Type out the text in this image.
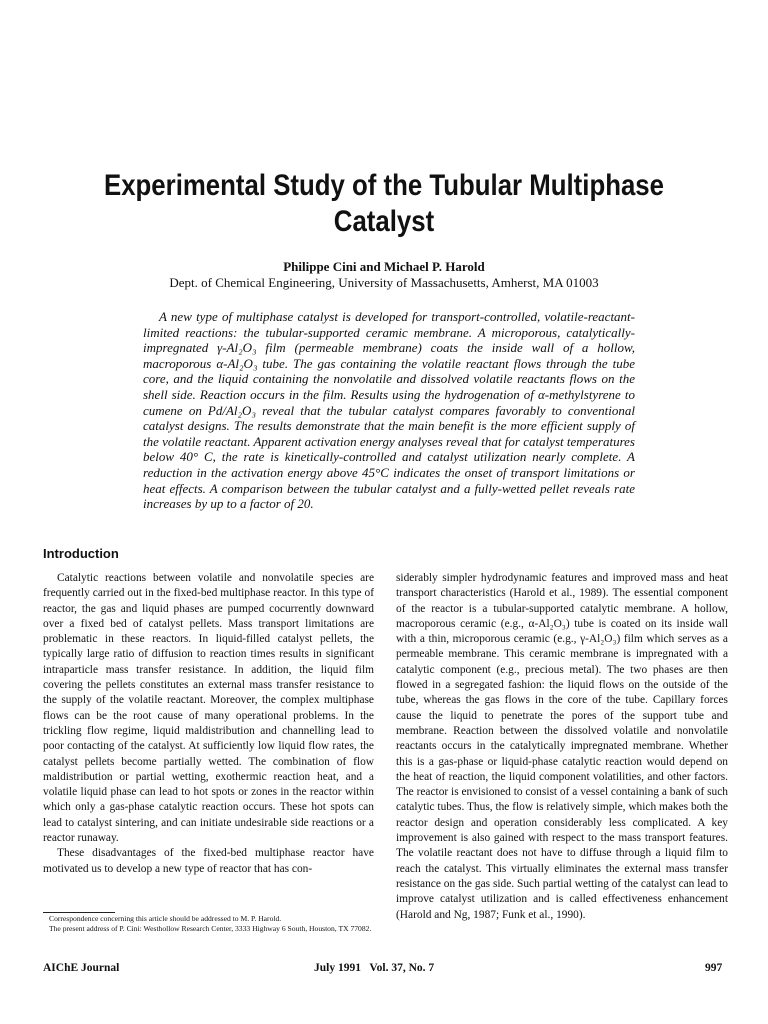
Experimental Study of the Tubular Multiphase Catalyst
Philippe Cini and Michael P. Harold
Dept. of Chemical Engineering, University of Massachusetts, Amherst, MA 01003
A new type of multiphase catalyst is developed for transport-controlled, volatile-reactant-limited reactions: the tubular-supported ceramic membrane. A microporous, catalytically-impregnated γ-Al₂O₃ film (permeable membrane) coats the inside wall of a hollow, macroporous α-Al₂O₃ tube. The gas containing the volatile reactant flows through the tube core, and the liquid containing the nonvolatile and dissolved volatile reactants flows on the shell side. Reaction occurs in the film. Results using the hydrogenation of α-methylstyrene to cumene on Pd/Al₂O₃ reveal that the tubular catalyst compares favorably to conventional catalyst designs. The results demonstrate that the main benefit is the more efficient supply of the volatile reactant. Apparent activation energy analyses reveal that for catalyst temperatures below 40° C, the rate is kinetically-controlled and catalyst utilization nearly complete. A reduction in the activation energy above 45°C indicates the onset of transport limitations or heat effects. A comparison between the tubular catalyst and a fully-wetted pellet reveals rate increases by up to a factor of 20.
Introduction

Catalytic reactions between volatile and nonvolatile species are frequently carried out in the fixed-bed multiphase reactor. In this type of reactor, the gas and liquid phases are pumped cocurrently downward over a fixed bed of catalyst pellets. Mass transport limitations are problematic in these reactors. In liquid-filled catalyst pellets, the typically large ratio of diffusion to reaction times results in significant intraparticle mass transfer resistance. In addition, the liquid film covering the pellets constitutes an external mass transfer resistance to the supply of the volatile reactant. Moreover, the complex multiphase flows can be the root cause of many operational problems. In the trickling flow regime, liquid maldistribution and channelling lead to poor contacting of the catalyst. At sufficiently low liquid flow rates, the catalyst pellets become partially wetted. The combination of flow maldistribution or partial wetting, exothermic reaction heat, and a volatile liquid phase can lead to hot spots or zones in the reactor within which only a gas-phase catalytic reaction occurs. These hot spots can lead to catalyst sintering, and can initiate undesirable side reactions or a reactor runaway.

These disadvantages of the fixed-bed multiphase reactor have motivated us to develop a new type of reactor that has con-

siderably simpler hydrodynamic features and improved mass and heat transport characteristics (Harold et al., 1989). The essential component of the reactor is a tubular-supported catalytic membrane. A hollow, macroporous ceramic (e.g., α-Al₂O₃) tube is coated on its inside wall with a thin, microporous ceramic (e.g., γ-Al₂O₃) film which serves as a permeable membrane. This ceramic membrane is impregnated with a catalytic component (e.g., precious metal). The two phases are then flowed in a segregated fashion: the liquid flows on the outside of the tube, whereas the gas flows in the core of the tube. Capillary forces cause the liquid to penetrate the pores of the support tube and membrane. Reaction between the dissolved volatile and nonvolatile reactants occurs in the catalytically impregnated membrane. Whether this is a gas-phase or liquid-phase catalytic reaction would depend on the heat of reaction, the liquid component volatilities, and other factors. The reactor is envisioned to consist of a vessel containing a bank of such catalytic tubes. Thus, the flow is relatively simple, which makes both the reactor design and operation considerably less complicated. A key improvement is also gained with respect to the mass transport features. The volatile reactant does not have to diffuse through a liquid film to reach the catalyst. This virtually eliminates the external mass transfer resistance on the gas side. Such partial wetting of the catalyst can lead to improve catalyst utilization and is called effectiveness enhancement (Harold and Ng, 1987; Funk et al., 1990).

Correspondence concerning this article should be addressed to M. P. Harold.

The present address of P. Cini: Westhollow Research Center, 3333 Highway 6 South, Houston, TX 77082.

AIChE Journal	July 1991   Vol. 37, No. 7	997
